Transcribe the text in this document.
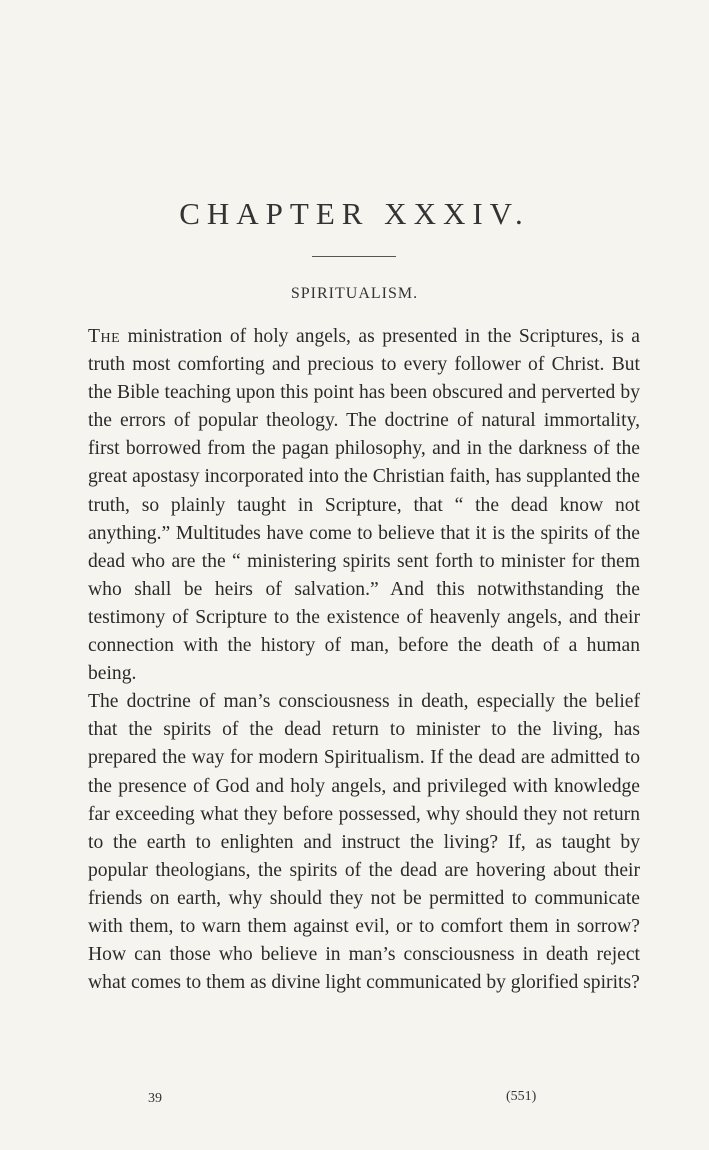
CHAPTER XXXIV.
SPIRITUALISM.

The ministration of holy angels, as presented in the Scriptures, is a truth most comforting and precious to every follower of Christ. But the Bible teaching upon this point has been obscured and perverted by the errors of popular theology. The doctrine of natural immortality, first borrowed from the pagan philosophy, and in the darkness of the great apostasy incorporated into the Christian faith, has supplanted the truth, so plainly taught in Scripture, that “ the dead know not anything.” Multitudes have come to believe that it is the spirits of the dead who are the “ ministering spirits sent forth to minister for them who shall be heirs of salvation.” And this notwithstanding the testimony of Scripture to the existence of heavenly angels, and their connection with the history of man, before the death of a human being.

The doctrine of man’s consciousness in death, especially the belief that the spirits of the dead return to minister to the living, has prepared the way for modern Spiritualism. If the dead are admitted to the presence of God and holy angels, and privileged with knowledge far exceeding what they before possessed, why should they not return to the earth to enlighten and instruct the living? If, as taught by popular theologians, the spirits of the dead are hovering about their friends on earth, why should they not be permitted to communicate with them, to warn them against evil, or to comfort them in sorrow? How can those who believe in man’s consciousness in death reject what comes to them as divine light communicated by glorified spirits?

39	(551)
